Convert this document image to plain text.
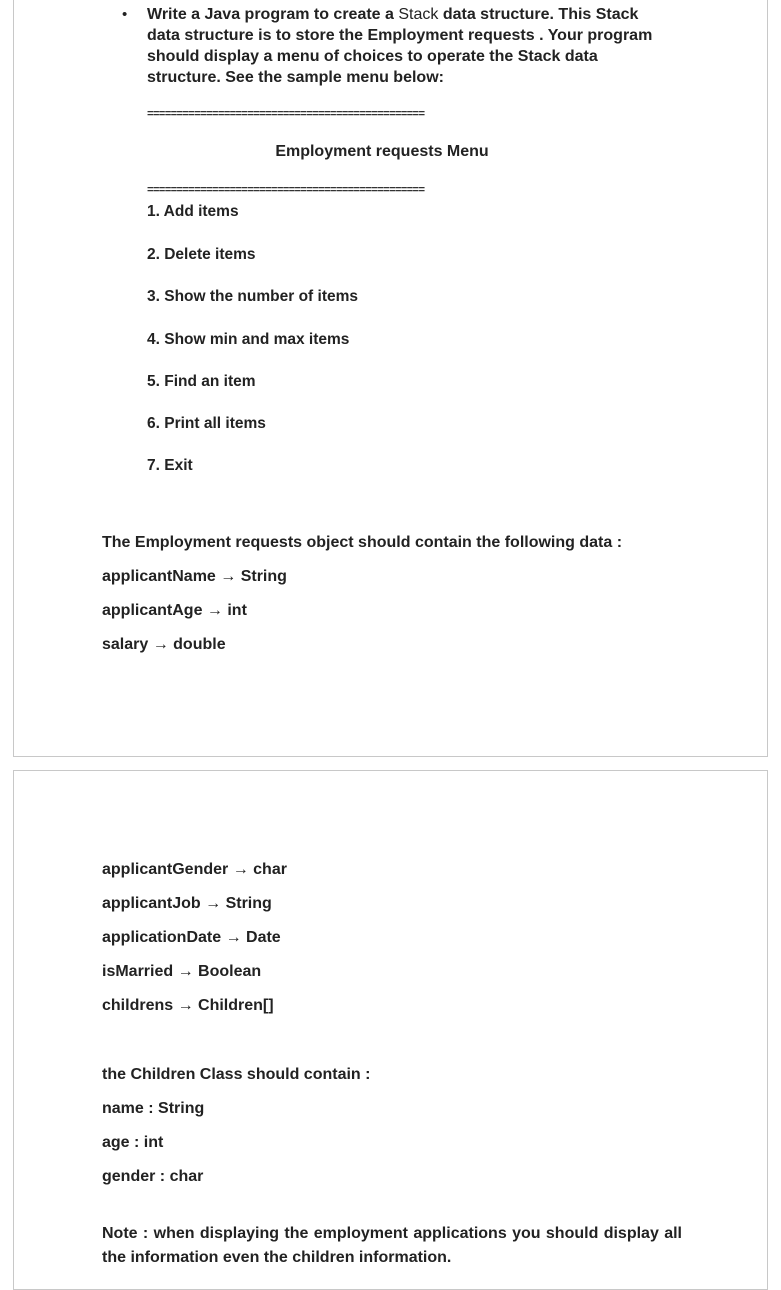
• Write a Java program to create a Stack data structure. This Stack data structure is to store the Employment requests . Your program should display a menu of choices to operate the Stack data structure. See the sample menu below:
===============================================
Employment requests Menu
===============================================
1. Add items
2. Delete items
3. Show the number of items
4. Show min and max items
5. Find an item
6. Print all items
7. Exit
The Employment requests object should contain the following data :
applicantName → String
applicantAge → int
salary → double
applicantGender → char
applicantJob → String
applicationDate → Date
isMarried → Boolean
childrens → Children[]
the Children Class should contain :
name : String
age : int
gender : char
Note : when displaying the employment applications you should display all the information even the children information.
